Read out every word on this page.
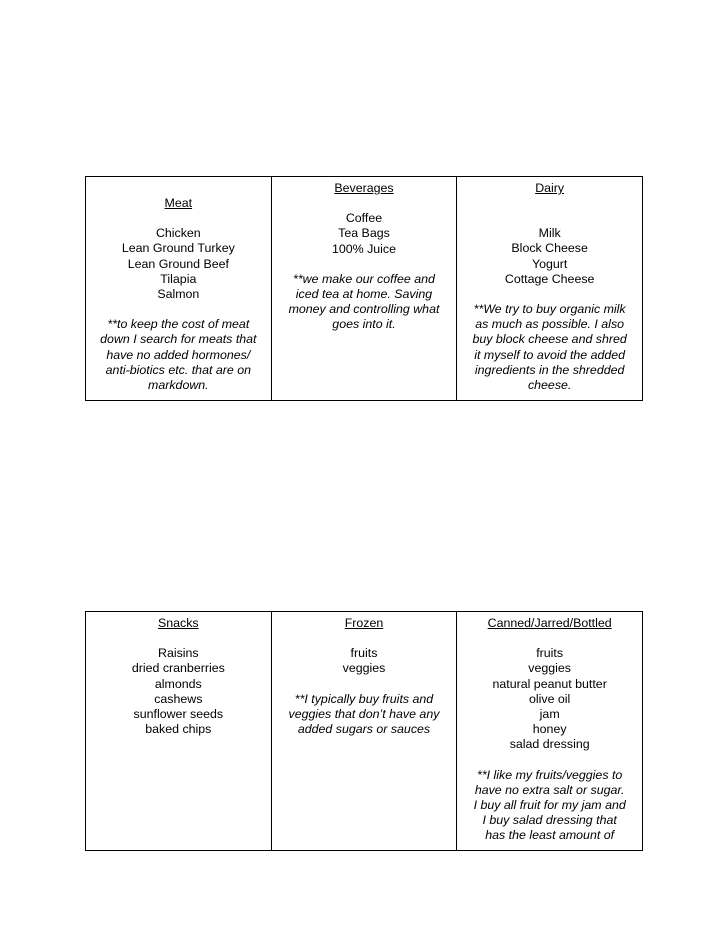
Meat
Chicken
Lean Ground Turkey
Lean Ground Beef
Tilapia
Salmon
**to keep the cost of meat
down I search for meats that
have no added hormones/
anti-biotics etc. that are on
markdown.

Beverages
Coffee
Tea Bags
100% Juice
**we make our coffee and
iced tea at home. Saving
money and controlling what
goes into it.

Dairy
Milk
Block Cheese
Yogurt
Cottage Cheese
**We try to buy organic milk
as much as possible. I also
buy block cheese and shred
it myself to avoid the added
ingredients in the shredded
cheese.
Snacks
Raisins
dried cranberries
almonds
cashews
sunflower seeds
baked chips

Frozen
fruits
veggies
**I typically buy fruits and
veggies that don’t have any
added sugars or sauces

Canned/Jarred/Bottled
fruits
veggies
natural peanut butter
olive oil
jam
honey
salad dressing
**I like my fruits/veggies to
have no extra salt or sugar.
I buy all fruit for my jam and
I buy salad dressing that
has the least amount of
